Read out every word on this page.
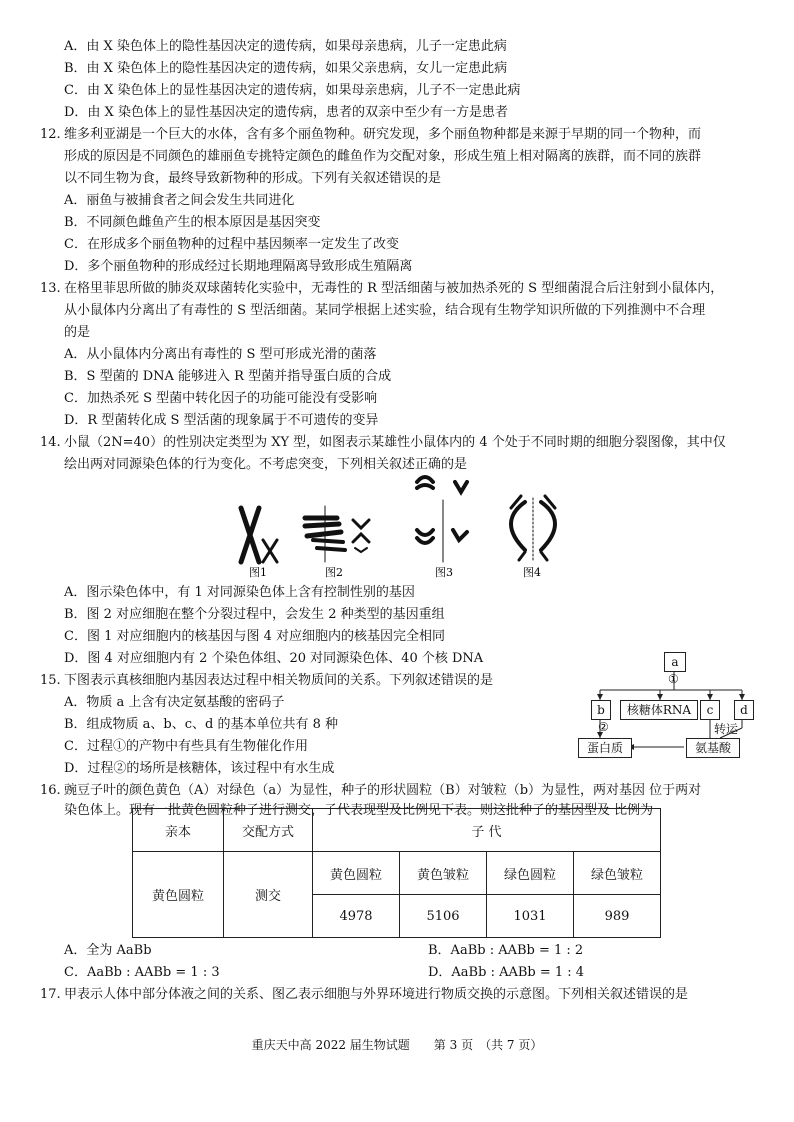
A．由 X 染色体上的隐性基因决定的遗传病，如果母亲患病，儿子一定患此病
B．由 X 染色体上的隐性基因决定的遗传病，如果父亲患病，女儿一定患此病
C．由 X 染色体上的显性基因决定的遗传病，如果母亲患病，儿子不一定患此病
D．由 X 染色体上的显性基因决定的遗传病，患者的双亲中至少有一方是患者
12. 维多利亚湖是一个巨大的水体，含有多个丽鱼物种。研究发现，多个丽鱼物种都是来源于早期的同一个物种，而
形成的原因是不同颜色的雄丽鱼专挑特定颜色的雌鱼作为交配对象，形成生殖上相对隔离的族群，而不同的族群
以不同生物为食，最终导致新物种的形成。下列有关叙述错误的是
A．丽鱼与被捕食者之间会发生共同进化
B．不同颜色雌鱼产生的根本原因是基因突变
C．在形成多个丽鱼物种的过程中基因频率一定发生了改变
D．多个丽鱼物种的形成经过长期地理隔离导致形成生殖隔离
13. 在格里菲思所做的肺炎双球菌转化实验中，无毒性的 R 型活细菌与被加热杀死的 S 型细菌混合后注射到小鼠体内，
从小鼠体内分离出了有毒性的 S 型活细菌。某同学根据上述实验，结合现有生物学知识所做的下列推测中不合理
的是
A．从小鼠体内分离出有毒性的 S 型可形成光滑的菌落
B．S 型菌的 DNA 能够进入 R 型菌并指导蛋白质的合成
C．加热杀死 S 型菌中转化因子的功能可能没有受影响
D．R 型菌转化成 S 型活菌的现象属于不可遗传的变异
14. 小鼠（2N=40）的性别决定类型为 XY 型，如图表示某雄性小鼠体内的 4 个处于不同时期的细胞分裂图像，其中仅
绘出两对同源染色体的行为变化。不考虑突变，下列相关叙述正确的是
图1	图2	图3	图4
A．图示染色体中，有 1 对同源染色体上含有控制性别的基因
B．图 2 对应细胞在整个分裂过程中，会发生 2 种类型的基因重组
C．图 1 对应细胞内的核基因与图 4 对应细胞内的核基因完全相同
D．图 4 对应细胞内有 2 个染色体组、20 对同源染色体、40 个核 DNA
15. 下图表示真核细胞内基因表达过程中相关物质间的关系。下列叙述错误的是
A．物质 a 上含有决定氨基酸的密码子
B．组成物质 a、b、c、d 的基本单位共有 8 种
C．过程①的产物中有些具有生物催化作用
D．过程②的场所是核糖体，该过程中有水生成
a
①
b	核糖体RNA	c	d
②	转运
蛋白质	氨基酸
16. 豌豆子叶的颜色黄色（A）对绿色（a）为显性，种子的形状圆粒（B）对皱粒（b）为显性，两对基因 位于两对
染色体上。现有一批黄色圆粒种子进行测交，子代表现型及比例见下表。则这批种子的基因型及 比例为
亲本	交配方式	子 代			
黄色圆粒	测交	黄色圆粒	黄色皱粒	绿色圆粒	绿色皱粒
		4978	5106	1031	989
A．全为 AaBb	B．AaBb : AABb = 1 : 2
C．AaBb : AABb = 1 : 3	D．AaBb : AABb = 1 : 4
17. 甲表示人体中部分体液之间的关系、图乙表示细胞与外界环境进行物质交换的示意图。下列相关叙述错误的是
重庆天中高 2022 届生物试题　　第 3 页　（共 7 页）
